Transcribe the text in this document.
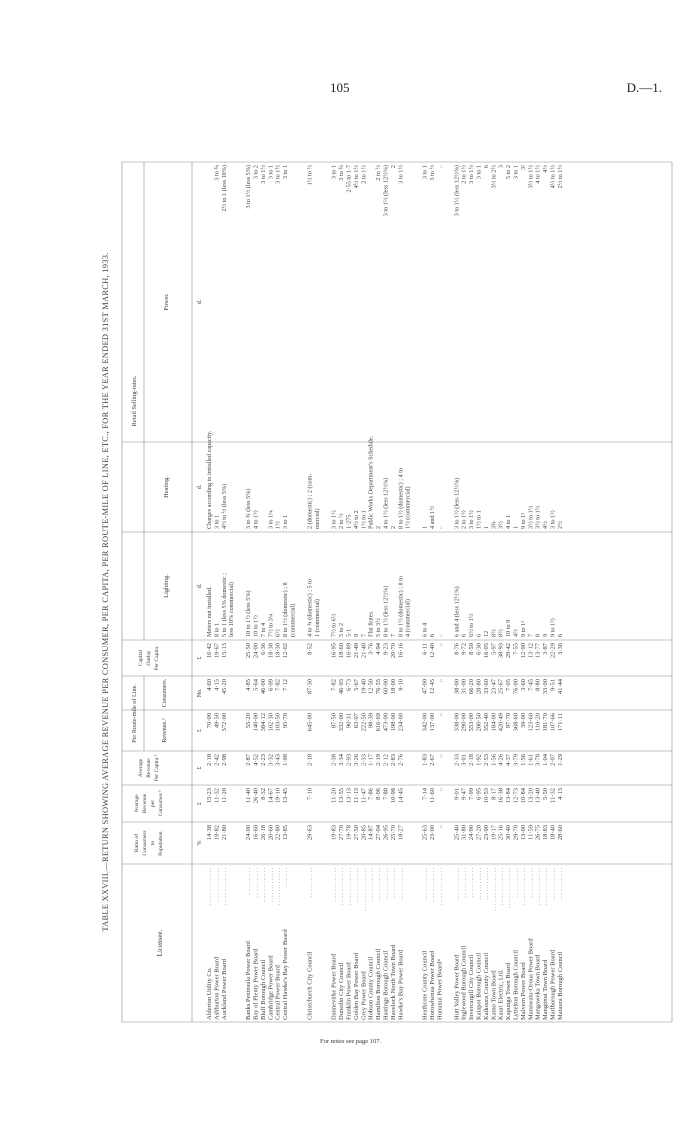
105	D.—1.
TABLE XXVIII.—RETURN SHOWING AVERAGE REVENUE PER CONSUMER, PER CAPITA, PER ROUTE-MILE OF LINE, ETC., FOR THE YEAR ENDED 31ST MARCH, 1933.
Licensee.
Ratio of Consumers to Population.
Average Revenue per Consumer.³
Average Revenue Per Capita.³
Per Route-mile of Line.	Revenue.³
Consumers.
Capital Outlay Per Capita.
Retail Selling-rates.
Lighting.
Heating.
Power.
%
£
£
£
No.
£
d.
d.
d.
Alderton Utility Co.
. . . . . . . . . . . . . .
14·38
15·23
2·18
70·00
4·60
16·42
Meters not installed.
Charges according to installed capacity.
Ashburton Power Board
. . . . . . . . . . . . .
19·82
11·32
2·42
49·50
4·15
19·67
8 to 1
3 to 1
3 to ¾
Auckland Power Board
. . . . . . . . . . . . . .
21·80
11·20
2·98
572·00
45·20
15·13
5 to 1 (less 5% domestic ;
4½ to ½ (less 5%)
2½ to 1 (less 10%)
less 10% commercial)
Banks Peninsula Power Board
. . . . . . . . . .
24·00
11·40
2·87
55·20
4·85
25·50
10 to 1½ (less 5%)
3 to ¾ (less 5%)
3 to 1½ (less 5%)
Bay of Plenty Power Board
. . . . . . . . . . .
16·60
26·40
4·52
140·00
5·64
24·00
10 to 1½
4 to 1½
3 to 2
Bluff Borough Council
. . . . . . . . . . . . .
26·18
8·32
2·23
384·12
46·00
6·36
7 to 4
3 to 1½
Cambridge Power Board
. . . . . . . . . . . . .
20·60
14·67
3·32
102·30
6·09
18·38
7½ to 3¼
3 to 1¼
3 to 1
Central Power Board
. . . . . . . . . . . . . .
22·80
19·10
3·43
103·50
7·82
18·30
6½
1½
3 to 1½
Central Hawke's Bay Power Board
. . . . . . . .
13·85
13·45
1·98
95·70
7·12
12·02
8 to 1½ (domestic) ; 8
3 to 1
3 to 1
(commercial)
Christchurch City Council
. . . . . . . . . . .
29·63
7·10
2·18
645·00
87·30
8·52
4 to ¾ (domestic) ; 5 to
2 (domestic) ; 2 (com-
1½ to ½
1 (commercial)
mercial)
Dannevirke Power Board
. . . . . . . . . . . . .
19·83
11·20
2·38
87·50
7·82
16·95
7½ to 6½
3 to 1½
3 to 1
Dunedin City Council
. . . . . . . . . . . . . .
27·70
13·55
3·34
332·00
46·93
18·60
5 to 2
2 to ½
3 to ¾
Franklin Power Board
. . . . . . . . . . . . . .
19·78
13·13
2·93
90·31
6·73
16·89
5·1
1·275
2·55 to 1·7
Golden Bay Power Board
. . . . . . . . . . . . .
27·50
11·13
3·26
63·07
5·67
21·49
9
4½ to 2
4½ to 1½
Grey Power Board
. . . . . . . . . . . . . . . .
20·85
11·47
2·33
222·50
19·40
21·40
7
1½ to 1
2 to 1½
Hobson County Council
. . . . . . . . . . . . .
14·87
7·86
1·17
98·39
12·50
3·76
Flat Rates.
Public Works Department's Schedule.
Hamilton Borough Council
. . . . . . . . . . . .
27·04
8·06
2·19
616·69
76·55
4·94
5 to 3½
2
2 to ½
Hastings Borough Council
. . . . . . . . . . . .
26·95
7·88
2·12
473·00
60·00
9·23
8 to 1½ (less 12½%)
4 to 1½ (less 12½%)
3 to 1½ (less 12½%)
Havelock North Town Board
. . . . . . . . . . .
25·70
10·98
2·83
198·00
18·00
20·70
7
2
2
Hawke's Bay Power Board
. . . . . . . . . . . .
18·27
14·45
2·76
234·00
9·10
16·16
8 to 1½ (domestic) ; 8 to
8 to 1½ (domestic) ; 4 to
3 to 1½
4 (commercial)
1½ (commercial)
Heathcote County Council
. . . . . . . . . . . .
25·63
7·14
1·83
342·00
47·00
6·11
6 to 4
1
3 to 1
Horowhenua Power Board
. . . . . . . . . . . . .
23·00
11·60
2·67
137·00
12·45
12·40
6
4 and 1½
3 to ½
Hununui Power Board⁴
. . . . . . . . . . . . . .
..
..
..
..
..
..
..
..
..
Hutt Valley Power Board
. . . . . . . . . . . .
25·40
9·01
2·33
338·00
38·00
8·76
6 and 4 (less 12½%)
3 to 1½ (less 12½%)
3 to 1½ (less 12½%)
Inglewood Borough Council
. . . . . . . . . . .
31·80
9·47
3·01
290·00
31·00
9·72
6
2 to 1½
2 to 1½
Invercargill City Council
. . . . . . . . . . .
24·90
7·99
2·18
553·00
66·20
8·59
6½ to 1½
3 to 1½
3 to 1½
Kaiapoi Borough Council
. . . . . . . . . . . .
27·20
6·95
1·92
200·50
28·80
6·30
6
1½ to 1
3 to 1
Kaikoura County Council
. . . . . . . . . . . .
23·90
10·53
2·53
352·40
33·60
16·05
12
1
6
Kamo Town Board
. . . . . . . . . . . . . . . .
19·17
8·17
1·56
184·00
23·47
5·97
8½
3¾
3½ to 2½
Kauri Electric, Ltd.
. . . . . . . . . . . . . .
25·16
16·38
4·26
420·49
25·67
38·93
8½
3½
3
Kapunga Town Board
. . . . . . . . . . . . . . .
30·40
13·84
4·37
97·70
7·05
29·42
10 to 9
4 to 1
5 to 2
Lyttelton Borough Council
. . . . . . . . . . .
29·70
12·73
3·79
368·60
76·00
7·55
4½
1
3 to 1
Malvern Power Board
. . . . . . . . . . . . . .
13·00
10·84
1·56
39·00
3·60
12·90
9 to 1³
9 to 1³
3²
Manawatu-Oroua Power Board
. . . . . . . . . . .
11·59
13·20
1·61
123·60
7·45
13·12
7
3½ to 1½
3½ to 1½
Mangaweka Town Board
. . . . . . . . . . . . . .
26·75
13·40
3·78
110·20
8·80
13·77
8
3½ to 1½
4 to 1½
Mangonui Town Board
. . . . . . . . . . . . . .
18·83
5·50
1·04
181·70
33·00
3·87
9
4½
4½
Marlborough Power Board
. . . . . . . . . . . .
18·40
11·32
2·07
107·66
9·51
22·29
9 to 1½
3 to 1½
4½ to 1½
Mataura Borough Council
. . . . . . . . . . . .
28·60
4·13
1·29
171·11
41·44
3·36
6
2½
2½ to 1½
For notes see page 107.
